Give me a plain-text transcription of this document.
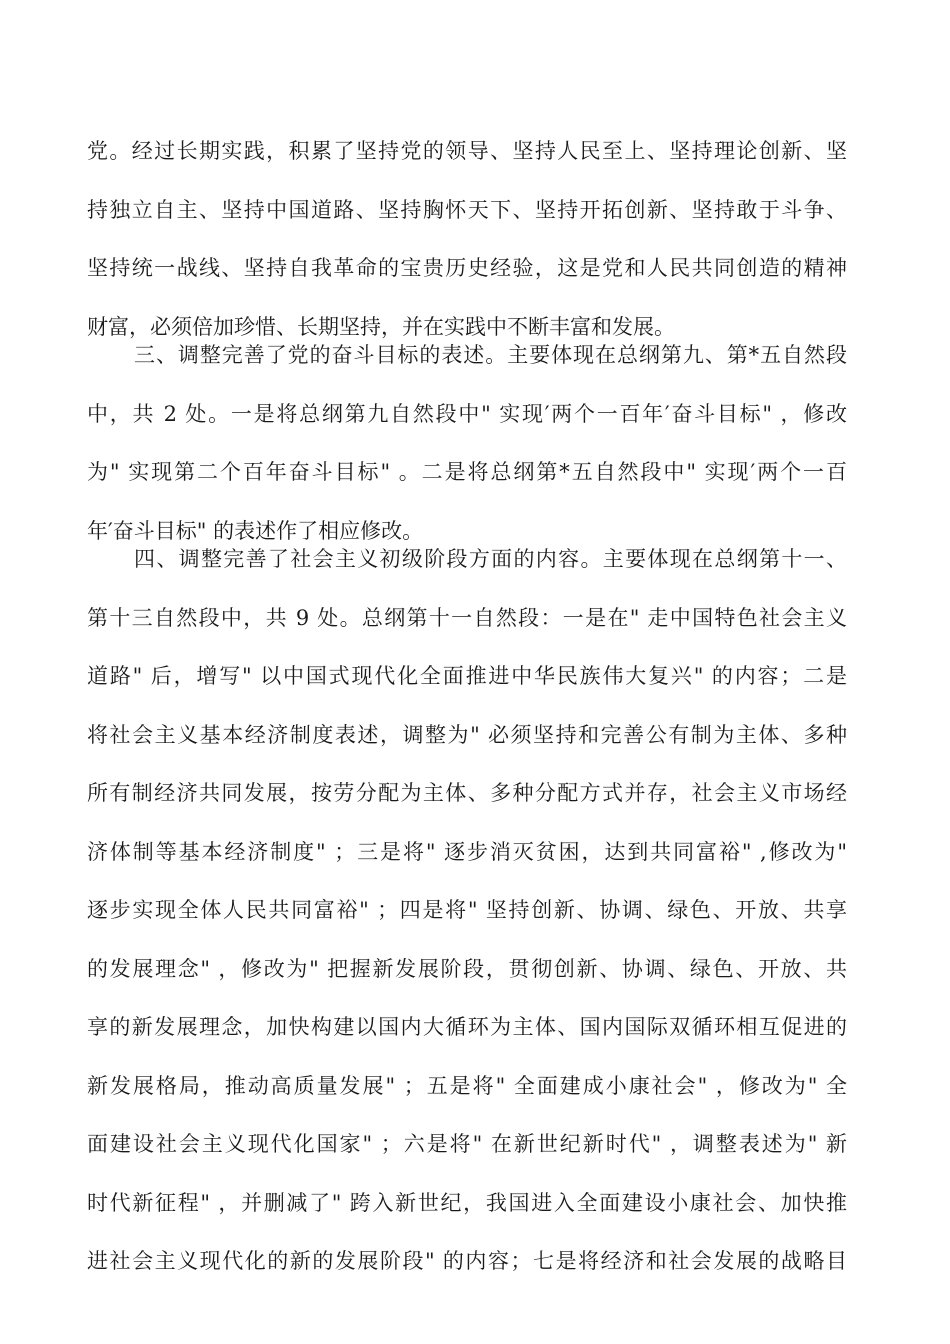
党。经过长期实践，积累了坚持党的领导、坚持人民至上、坚持理论创新、坚
持独立自主、坚持中国道路、坚持胸怀天下、坚持开拓创新、坚持敢于斗争、
坚持统一战线、坚持自我革命的宝贵历史经验，这是党和人民共同创造的精神
财富，必须倍加珍惜、长期坚持，并在实践中不断丰富和发展。
三、调整完善了党的奋斗目标的表述。主要体现在总纲第九、第*五自然段
中，共 2 处。一是将总纲第九自然段中" 实现′两个一百年′奋斗目标" ，修改
为" 实现第二个百年奋斗目标" 。二是将总纲第*五自然段中" 实现′两个一百
年′奋斗目标" 的表述作了相应修改。
四、调整完善了社会主义初级阶段方面的内容。主要体现在总纲第十一、
第十三自然段中，共 9 处。总纲第十一自然段：一是在" 走中国特色社会主义
道路" 后，增写" 以中国式现代化全面推进中华民族伟大复兴" 的内容；二是
将社会主义基本经济制度表述，调整为" 必须坚持和完善公有制为主体、多种
所有制经济共同发展，按劳分配为主体、多种分配方式并存，社会主义市场经
济体制等基本经济制度" ；三是将" 逐步消灭贫困，达到共同富裕" ,修改为"
逐步实现全体人民共同富裕" ；四是将" 坚持创新、协调、绿色、开放、共享
的发展理念" ，修改为" 把握新发展阶段，贯彻创新、协调、绿色、开放、共
享的新发展理念，加快构建以国内大循环为主体、国内国际双循环相互促进的
新发展格局，推动高质量发展" ；五是将" 全面建成小康社会" ，修改为" 全
面建设社会主义现代化国家" ；六是将" 在新世纪新时代" ，调整表述为" 新
时代新征程" ，并删减了" 跨入新世纪，我国进入全面建设小康社会、加快推
进社会主义现代化的新的发展阶段" 的内容；七是将经济和社会发展的战略目
